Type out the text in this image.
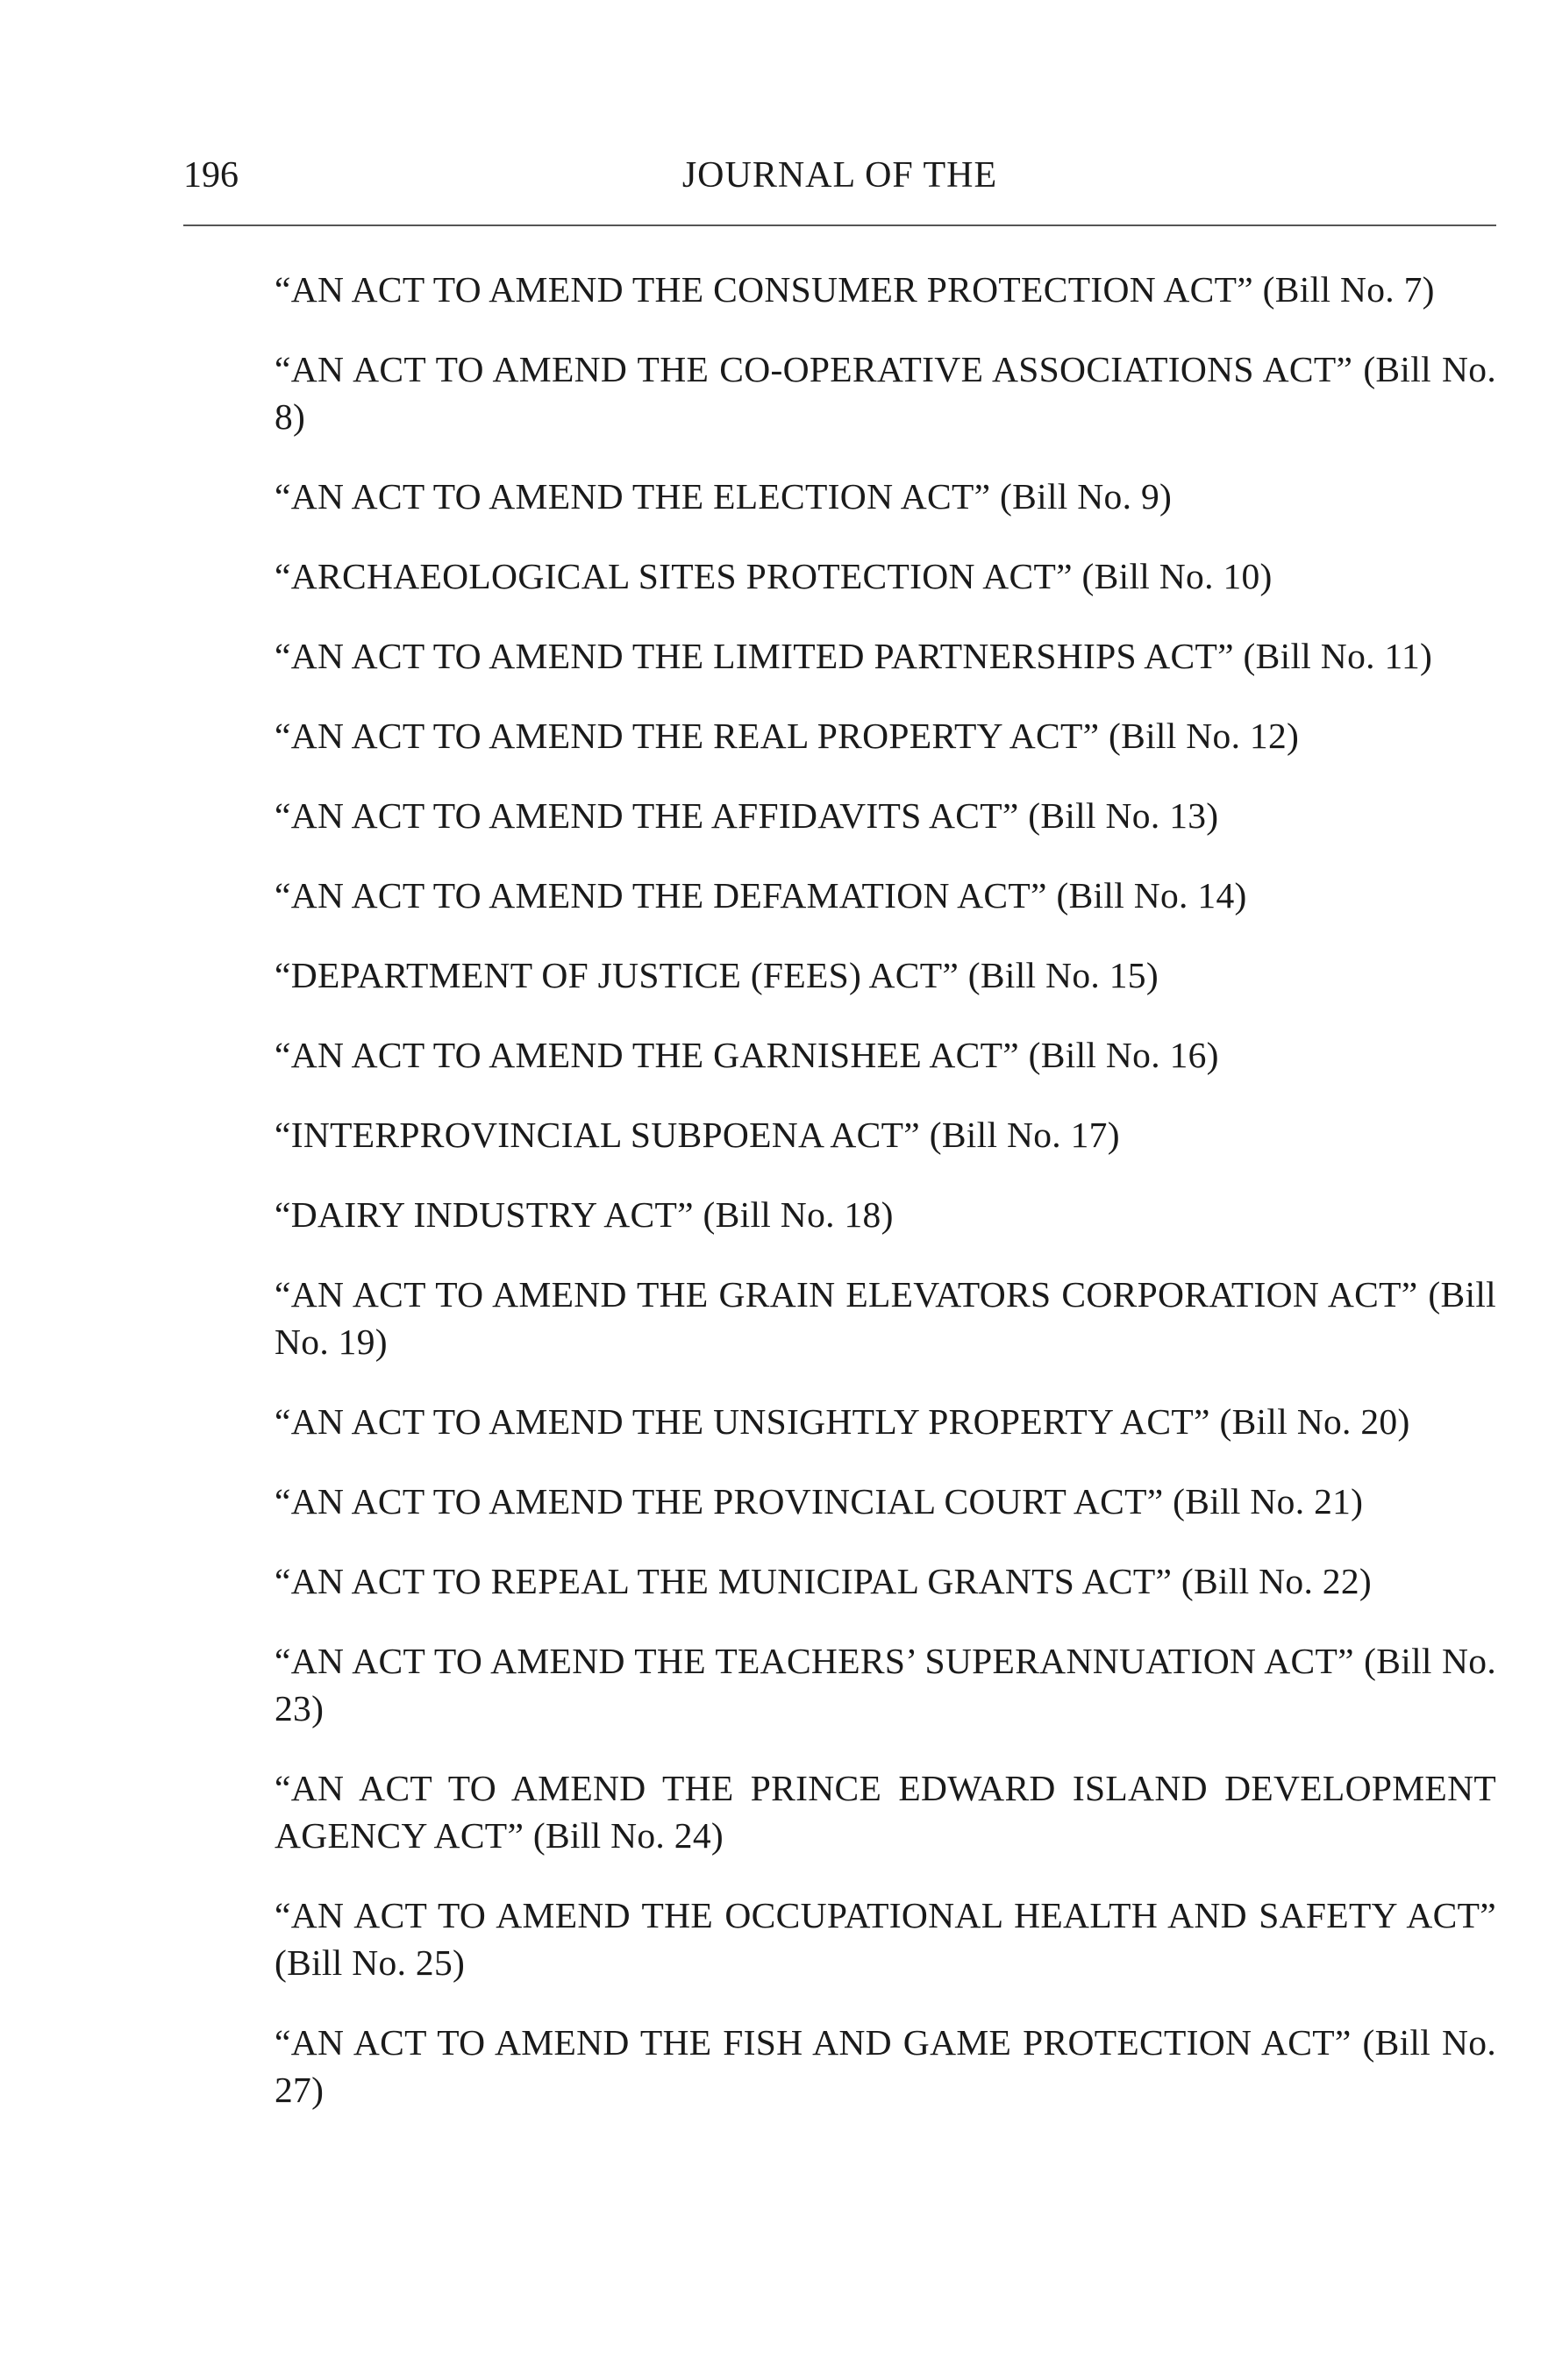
196	JOURNAL OF THE
“AN ACT TO AMEND THE CONSUMER PROTECTION ACT” (Bill No. 7)
“AN ACT TO AMEND THE CO-OPERATIVE ASSOCIATIONS ACT” (Bill No. 8)
“AN ACT TO AMEND THE ELECTION ACT” (Bill No. 9)
“ARCHAEOLOGICAL SITES PROTECTION ACT” (Bill No. 10)
“AN ACT TO AMEND THE LIMITED PARTNERSHIPS ACT” (Bill No. 11)
“AN ACT TO AMEND THE REAL PROPERTY ACT” (Bill No. 12)
“AN ACT TO AMEND THE AFFIDAVITS ACT” (Bill No. 13)
“AN ACT TO AMEND THE DEFAMATION ACT” (Bill No. 14)
“DEPARTMENT OF JUSTICE (FEES) ACT” (Bill No. 15)
“AN ACT TO AMEND THE GARNISHEE ACT” (Bill No. 16)
“INTERPROVINCIAL SUBPOENA ACT” (Bill No. 17)
“DAIRY INDUSTRY ACT” (Bill No. 18)
“AN ACT TO AMEND THE GRAIN ELEVATORS CORPORATION ACT” (Bill No. 19)
“AN ACT TO AMEND THE UNSIGHTLY PROPERTY ACT” (Bill No. 20)
“AN ACT TO AMEND THE PROVINCIAL COURT ACT” (Bill No. 21)
“AN ACT TO REPEAL THE MUNICIPAL GRANTS ACT” (Bill No. 22)
“AN ACT TO AMEND THE TEACHERS’ SUPERANNUATION ACT” (Bill No. 23)
“AN ACT TO AMEND THE PRINCE EDWARD ISLAND DEVELOPMENT AGENCY ACT” (Bill No. 24)
“AN ACT TO AMEND THE OCCUPATIONAL HEALTH AND SAFETY ACT” (Bill No. 25)
“AN ACT TO AMEND THE FISH AND GAME PROTECTION ACT” (Bill No. 27)
